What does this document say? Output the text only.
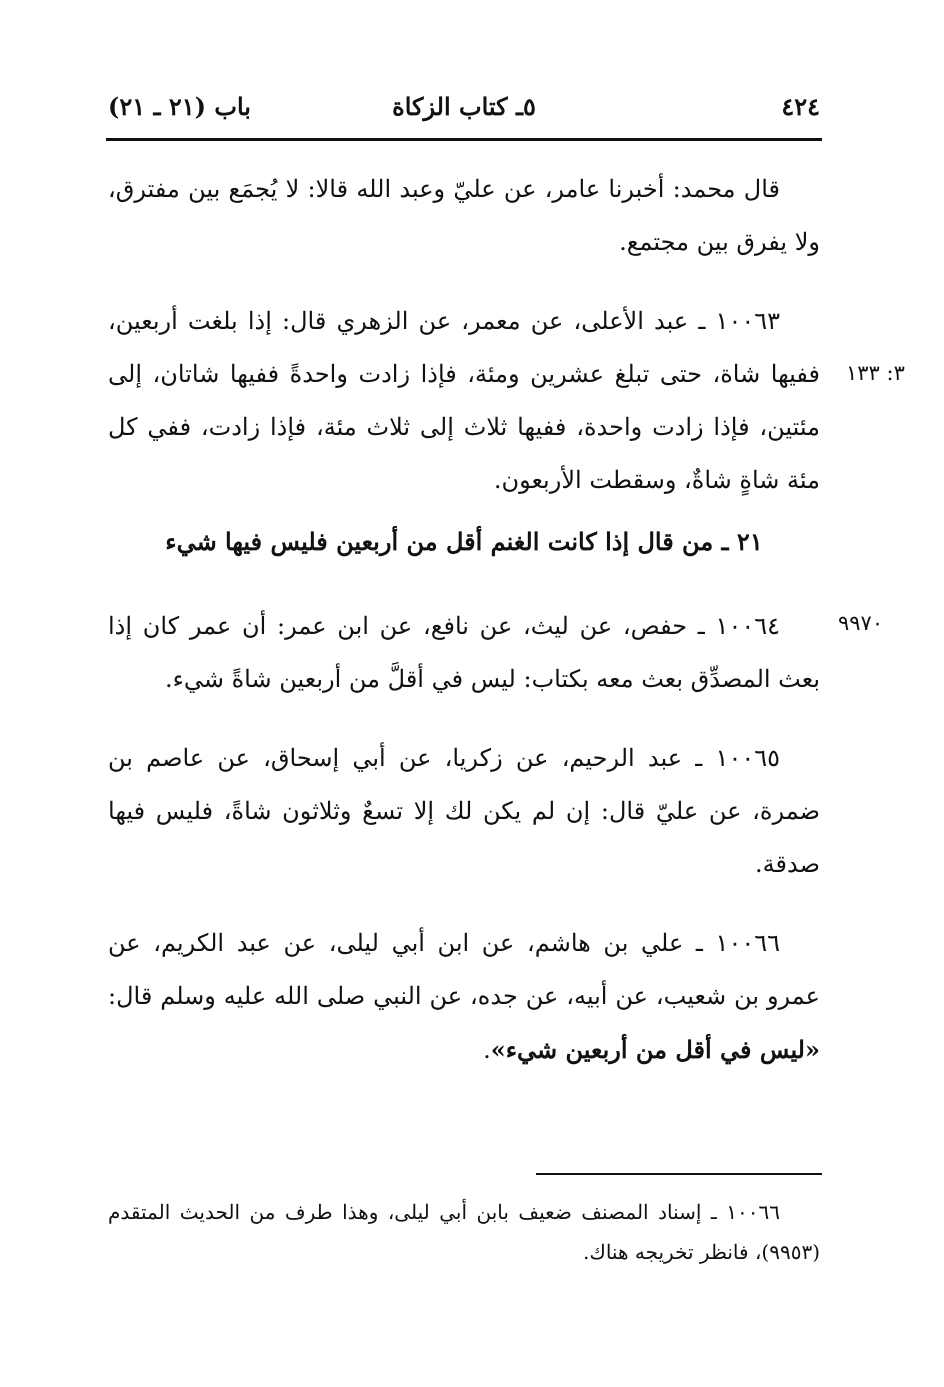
٤٢٤
٥ـ كتاب الزكاة
باب (٢١ ـ ٢١)

قال محمد: أخبرنا عامر، عن عليّ وعبد الله قالا: لا يُجمَع بين مفترق، ولا يفرق بين مجتمع.

١٠٠٦٣ ـ عبد الأعلى، عن معمر، عن الزهري قال: إذا بلغت أربعين، ففيها شاة، حتى تبلغ عشرين ومئة، فإذا زادت واحدةً ففيها شاتان، إلى مئتين، فإذا زادت واحدة، ففيها ثلاث إلى ثلاث مئة، فإذا زادت، ففي كل مئة شاةٍ شاةٌ، وسقطت الأربعون.

٣: ١٣٣
٢١ ـ من قال إذا كانت الغنم أقل من أربعين فليس فيها شيء

١٠٠٦٤ ـ حفص، عن ليث، عن نافع، عن ابن عمر: أن عمر كان إذا بعث المصدِّق بعث معه بكتاب: ليس في أقلَّ من أربعين شاةً شيء.

١٠٠٦٥ ـ عبد الرحيم، عن زكريا، عن أبي إسحاق، عن عاصم بن ضمرة، عن عليّ قال: إن لم يكن لك إلا تسعٌ وثلاثون شاةً، فليس فيها صدقة.

١٠٠٦٦ ـ علي بن هاشم، عن ابن أبي ليلى، عن عبد الكريم، عن عمرو بن شعيب، عن أبيه، عن جده، عن النبي صلى الله عليه وسلم قال: «ليس في أقل من أربعين شيء».

٩٩٧٠

١٠٠٦٦ ـ إسناد المصنف ضعيف بابن أبي ليلى، وهذا طرف من الحديث المتقدم (٩٩٥٣)، فانظر تخريجه هناك.
